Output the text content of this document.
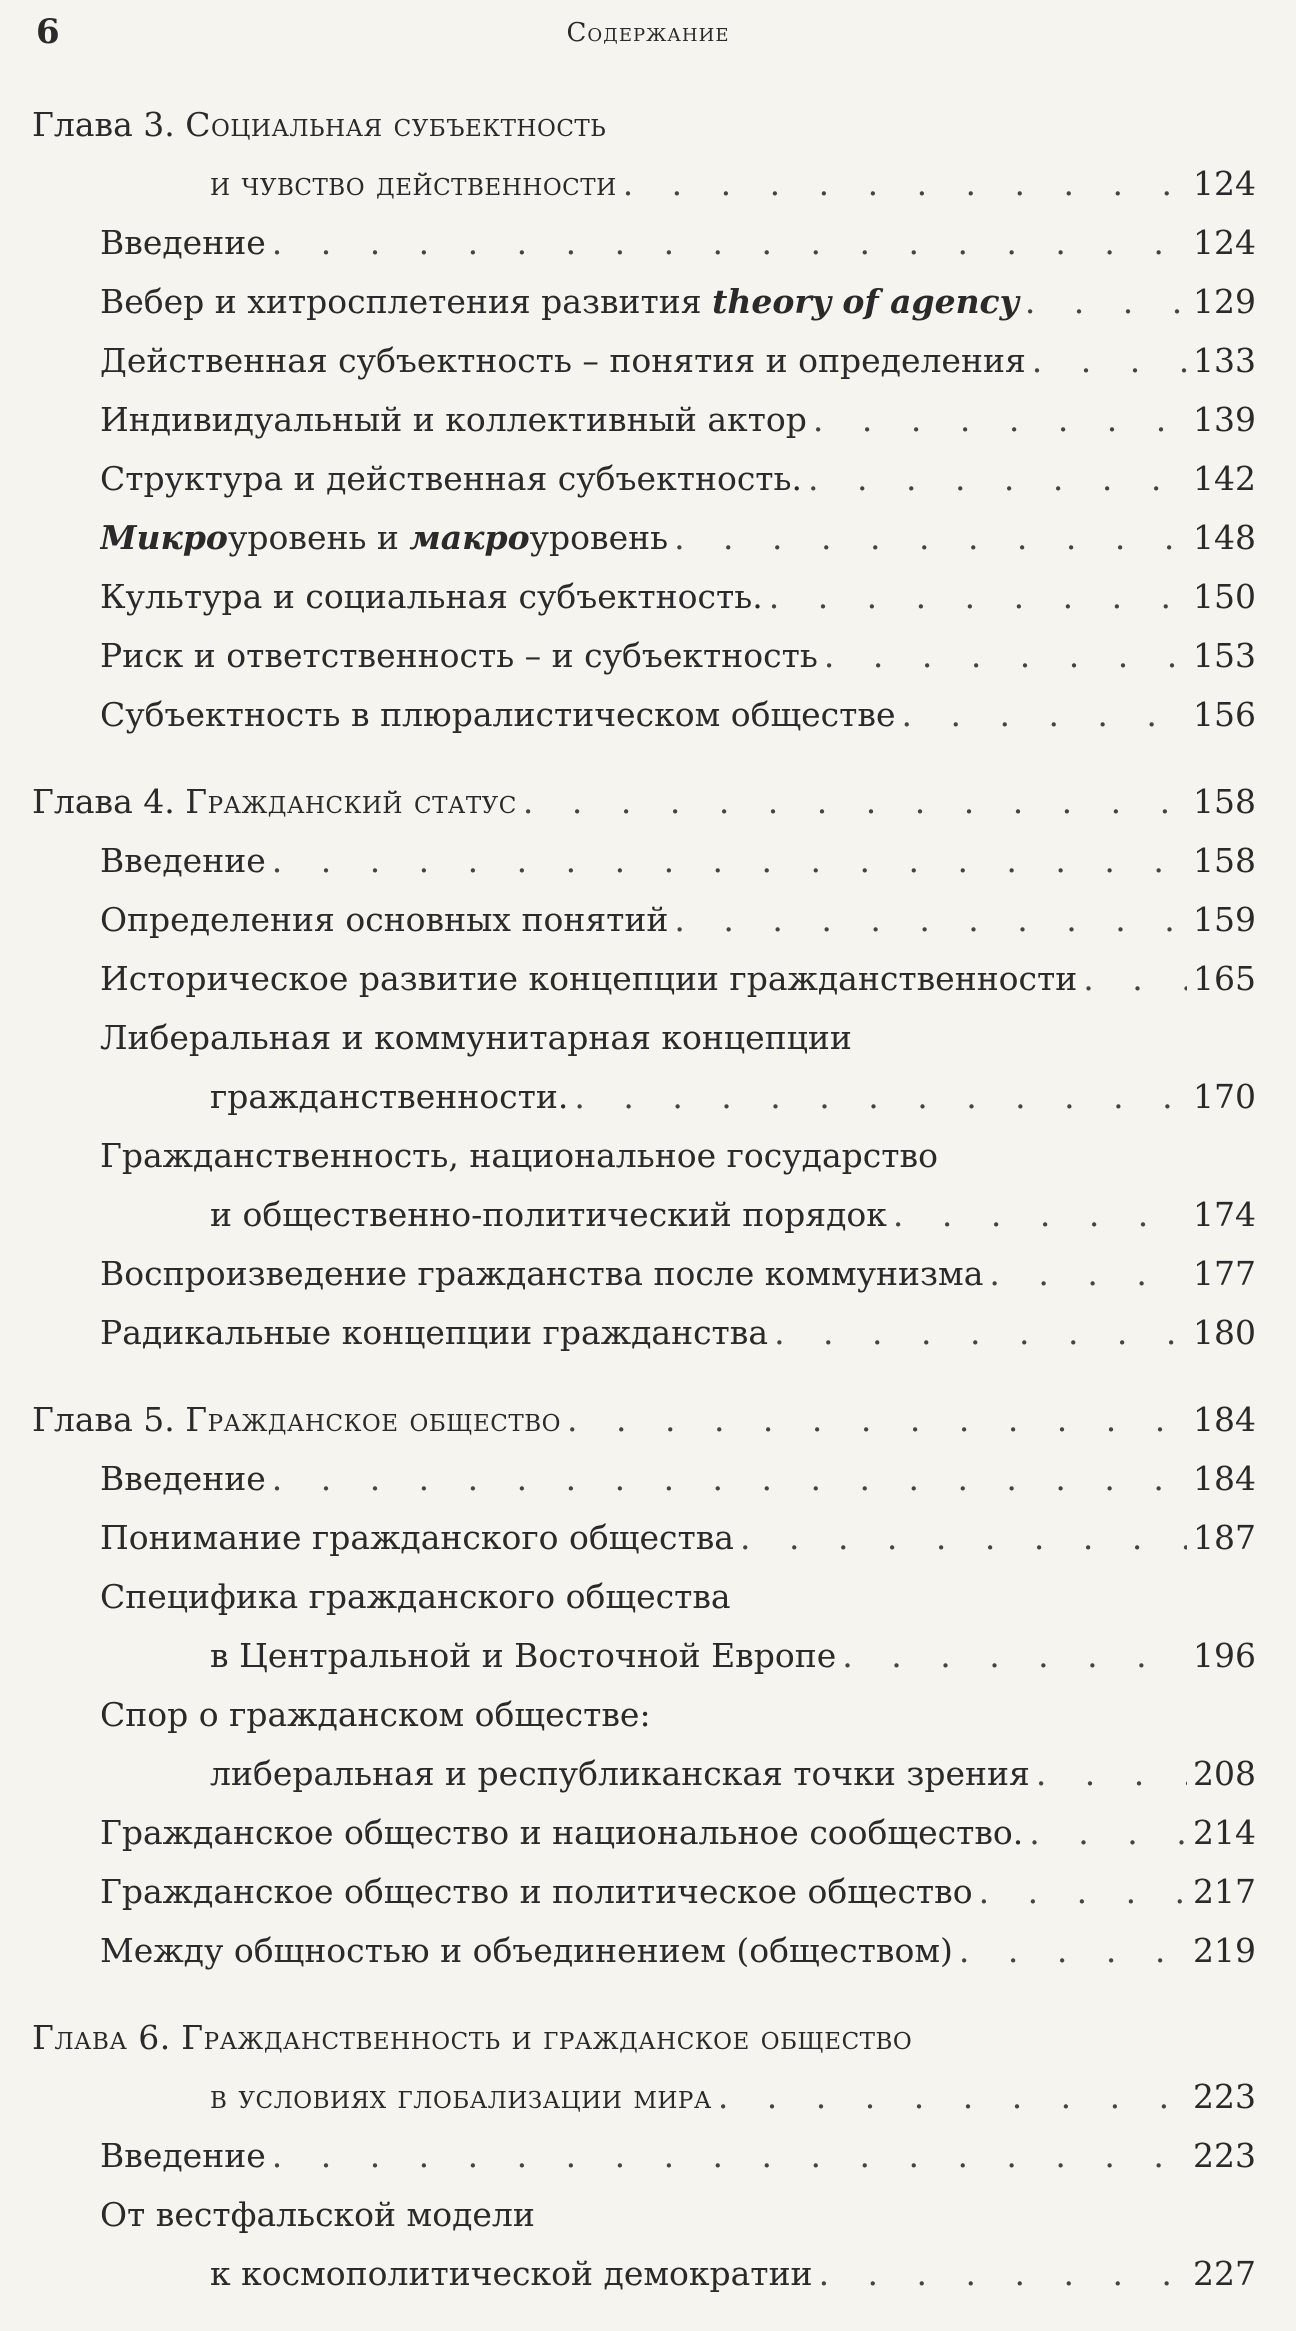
6	Содержание
Глава 3. Социальная субъектность
и чувство действенности . . .	124
Введение . . .	124
Вебер и хитросплетения развития theory of agency . . .	129
Действенная субъектность – понятия и определения . . .	133
Индивидуальный и коллективный актор . . .	139
Структура и действенная субъектность. . . .	142
Микроуровень и макроуровень . . .	148
Культура и социальная субъектность. . . .	150
Риск и ответственность – и субъектность . . .	153
Субъектность в плюралистическом обществе . . .	156
Глава 4. Гражданский статус . . .	158
Введение . . .	158
Определения основных понятий . . .	159
Историческое развитие концепции гражданственности . . .	165
Либеральная и коммунитарная концепции
гражданственности. . . .	170
Гражданственность, национальное государство
и общественно-политический порядок . . .	174
Воспроизведение гражданства после коммунизма . . .	177
Радикальные концепции гражданства . . .	180
Глава 5. Гражданское общество . . .	184
Введение . . .	184
Понимание гражданского общества . . .	187
Специфика гражданского общества
в Центральной и Восточной Европе . . .	196
Спор о гражданском обществе:
либеральная и республиканская точки зрения . . .	208
Гражданское общество и национальное сообщество. . . .	214
Гражданское общество и политическое общество . . .	217
Между общностью и объединением (обществом) . . .	219
Глава 6. Гражданственность и гражданское общество
в условиях глобализации мира . . .	223
Введение . . .	223
От вестфальской модели
к космополитической демократии . . .	227
